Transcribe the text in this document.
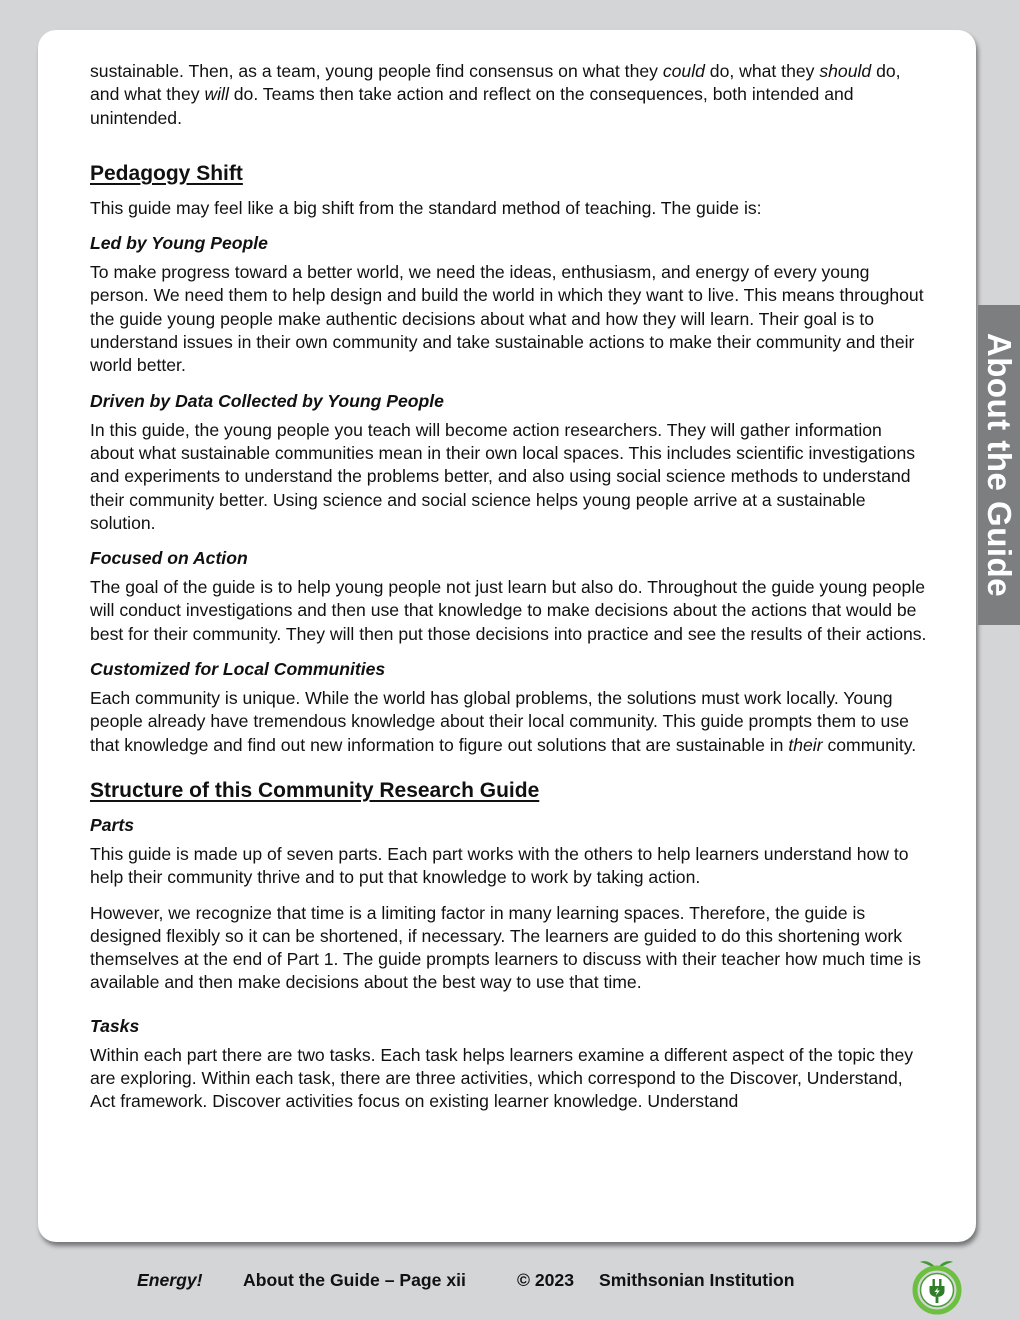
sustainable. Then, as a team, young people find consensus on what they could do, what they should do, and what they will do. Teams then take action and reflect on the consequences, both intended and unintended.

Pedagogy Shift

This guide may feel like a big shift from the standard method of teaching. The guide is:

Led by Young People

To make progress toward a better world, we need the ideas, enthusiasm, and energy of every young person. We need them to help design and build the world in which they want to live. This means throughout the guide young people make authentic decisions about what and how they will learn. Their goal is to understand issues in their own community and take sustainable actions to make their community and their world better.

Driven by Data Collected by Young People

In this guide, the young people you teach will become action researchers. They will gather information about what sustainable communities mean in their own local spaces. This includes scientific investigations and experiments to understand the problems better, and also using social science methods to understand their community better. Using science and social science helps young people arrive at a sustainable solution.

Focused on Action

The goal of the guide is to help young people not just learn but also do. Throughout the guide young people will conduct investigations and then use that knowledge to make decisions about the actions that would be best for their community. They will then put those decisions into practice and see the results of their actions.

Customized for Local Communities

Each community is unique. While the world has global problems, the solutions must work locally. Young people already have tremendous knowledge about their local community. This guide prompts them to use that knowledge and find out new information to figure out solutions that are sustainable in their community.

Structure of this Community Research Guide
Parts

This guide is made up of seven parts. Each part works with the others to help learners understand how to help their community thrive and to put that knowledge to work by taking action.

However, we recognize that time is a limiting factor in many learning spaces. Therefore, the guide is designed flexibly so it can be shortened, if necessary. The learners are guided to do this shortening work themselves at the end of Part 1. The guide prompts learners to discuss with their teacher how much time is available and then make decisions about the best way to use that time.

Tasks

Within each part there are two tasks. Each task helps learners examine a different aspect of the topic they are exploring. Within each task, there are three activities, which correspond to the Discover, Understand, Act framework. Discover activities focus on existing learner knowledge. Understand

About the Guide
Energy! About the Guide – Page xii	© 2023 Smithsonian Institution
